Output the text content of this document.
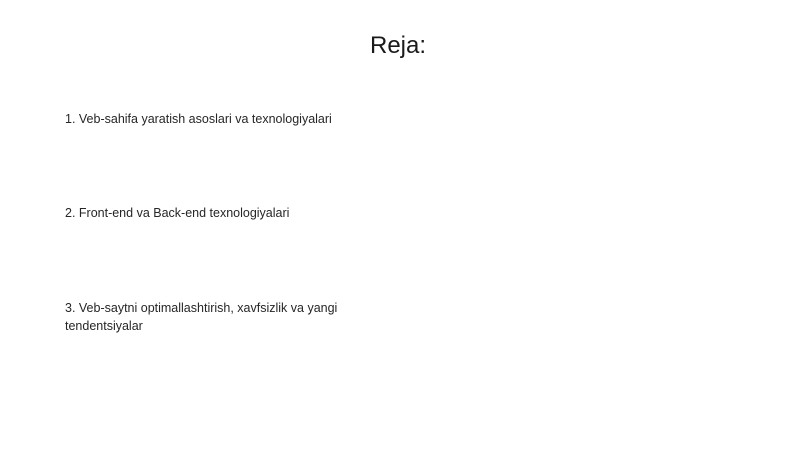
Reja:
1. Veb-sahifa yaratish asoslari va texnologiyalari
2. Front-end va Back-end texnologiyalari
3. Veb-saytni optimallashtirish, xavfsizlik va yangi tendentsiyalar
